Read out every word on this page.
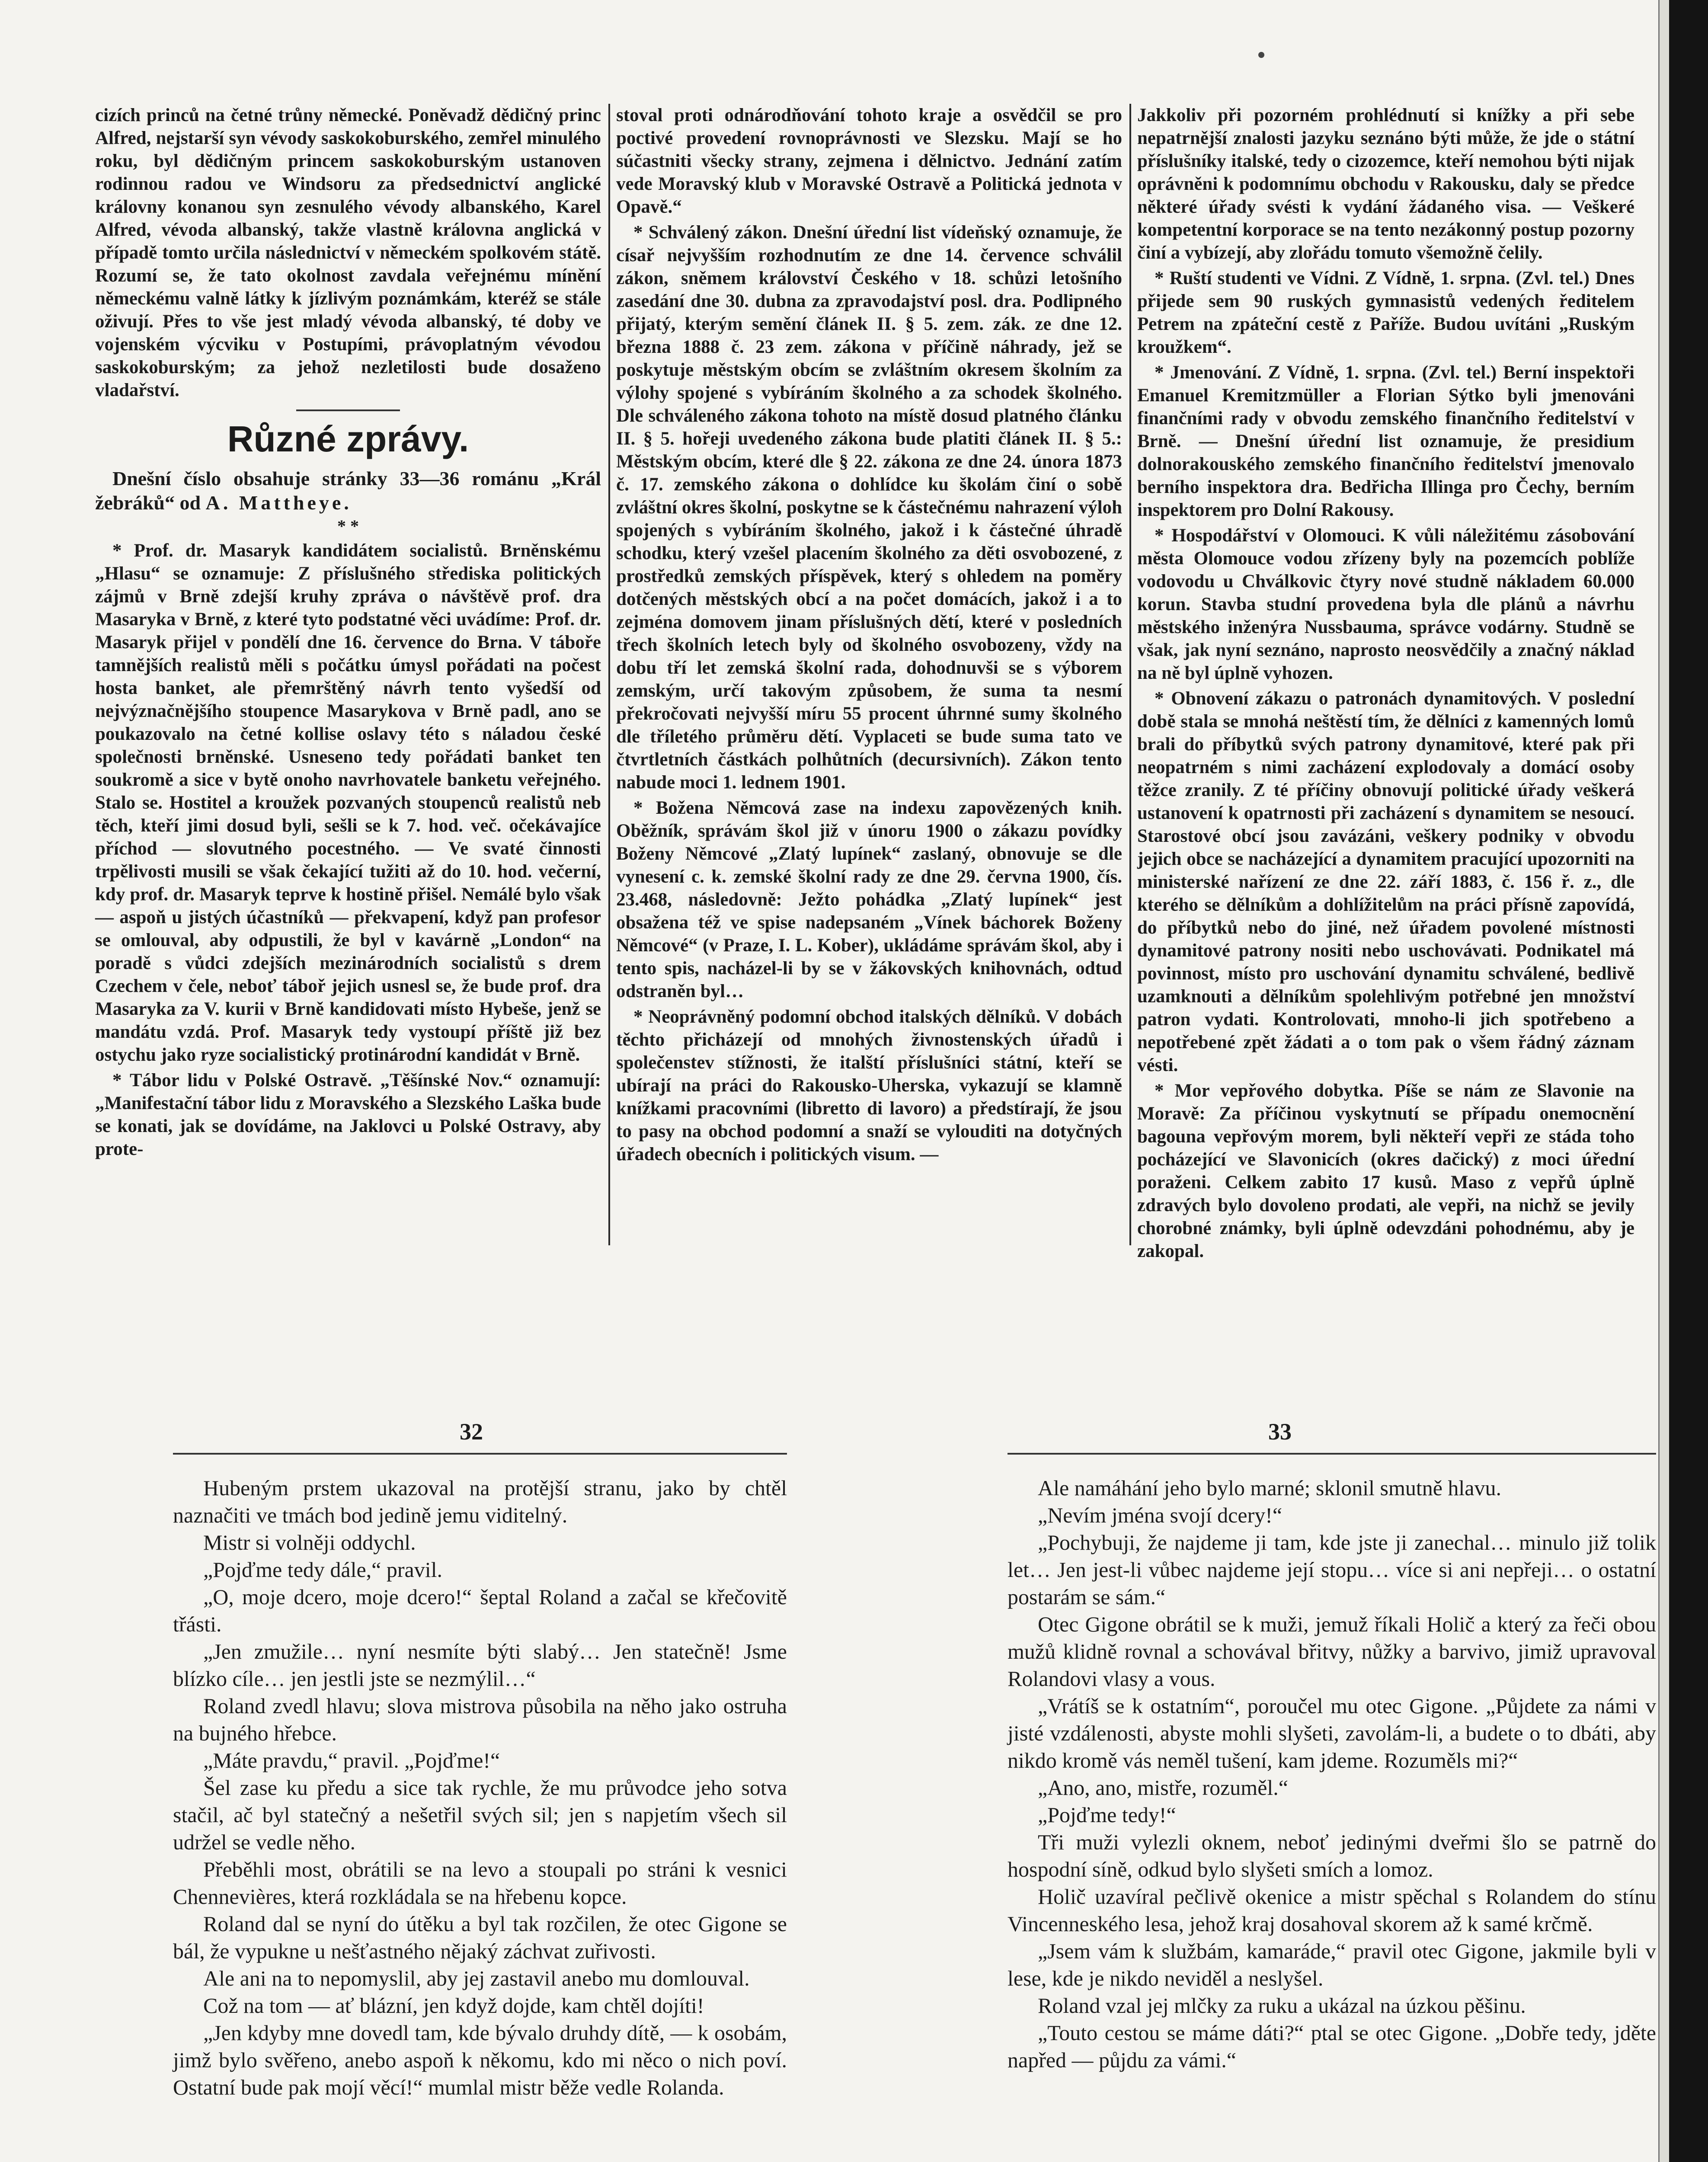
cizích princů na četné trůny německé. Poněvadž dědičný princ Alfred, nejstarší syn vévody saskokoburského, zemřel minulého roku, byl dědičným princem saskokoburským ustanoven rodinnou radou ve Windsoru za předsednictví anglické královny konanou syn zesnulého vévody albanského, Karel Alfred, vévoda albanský, takže vlastně královna anglická v případě tomto určila následnictví v německém spolkovém státě. Rozumí se, že tato okolnost zavdala veřejnému mínění německému valně látky k jízlivým poznámkám, kteréž se stále oživují. Přes to vše jest mladý vévoda albanský, té doby ve vojenském výcviku v Postupími, právoplatným vévodou saskokoburským; za jehož nezletilosti bude dosaženo vladařství.

Různé zprávy.
Dnešní číslo obsahuje stránky 33—36 románu „Král žebráků“ od A. Mattheye.
* *

* Prof. dr. Masaryk kandidátem socialistů. Brněnskému „Hlasu“ se oznamuje: Z příslušného střediska politických zájmů v Brně zdejší kruhy zpráva o návštěvě prof. dra Masaryka v Brně, z které tyto podstatné věci uvádíme: Prof. dr. Masaryk přijel v pondělí dne 16. července do Brna. V táboře tamnějších realistů měli s počátku úmysl pořádati na počest hosta banket, ale přemrštěný návrh tento vyšedší od nejvýznačnějšího stoupence Masarykova v Brně padl, ano se poukazovalo na četné kollise oslavy této s náladou české společnosti brněnské. Usneseno tedy pořádati banket ten soukromě a sice v bytě onoho navrhovatele banketu veřejného. Stalo se. Hostitel a kroužek pozvaných stoupenců realistů neb těch, kteří jimi dosud byli, sešli se k 7. hod. več. očekávajíce příchod — slovutného pocestného. — Ve svaté činnosti trpělivosti musili se však čekající tužiti až do 10. hod. večerní, kdy prof. dr. Masaryk teprve k hostině přišel. Nemálé bylo však — aspoň u jistých účastníků — překvapení, když pan profesor se omlouval, aby odpustili, že byl v kavárně „London“ na poradě s vůdci zdejších mezinárodních socialistů s drem Czechem v čele, neboť táboř jejich usnesl se, že bude prof. dra Masaryka za V. kurii v Brně kandidovati místo Hybeše, jenž se mandátu vzdá. Prof. Masaryk tedy vystoupí příště již bez ostychu jako ryze socialistický protinárodní kandidát v Brně.

* Tábor lidu v Polské Ostravě. „Těšínské Nov.“ oznamují: „Manifestační tábor lidu z Moravského a Slezského Laška bude se konati, jak se dovídáme, na Jaklovci u Polské Ostravy, aby prote-

stoval proti odnárodňování tohoto kraje a osvědčil se pro poctivé provedení rovnoprávnosti ve Slezsku. Mají se ho súčastniti všecky strany, zejmena i dělnictvo. Jednání zatím vede Moravský klub v Moravské Ostravě a Politická jednota v Opavě.“

* Schválený zákon. Dnešní úřední list vídeňský oznamuje, že císař nejvyšším rozhodnutím ze dne 14. července schválil zákon, sněmem království Českého v 18. schůzi letošního zasedání dne 30. dubna za zpravodajství posl. dra. Podlipného přijatý, kterým semění článek II. § 5. zem. zák. ze dne 12. března 1888 č. 23 zem. zákona v příčině náhrady, jež se poskytuje městským obcím se zvláštním okresem školním za výlohy spojené s vybíráním školného a za schodek školného. Dle schváleného zákona tohoto na místě dosud platného článku II. § 5. hořeji uvedeného zákona bude platiti článek II. § 5.: Městským obcím, které dle § 22. zákona ze dne 24. února 1873 č. 17. zemského zákona o dohlídce ku školám činí o sobě zvláštní okres školní, poskytne se k částečnému nahrazení výloh spojených s vybíráním školného, jakož i k částečné úhradě schodku, který vzešel placením školného za děti osvobozené, z prostředků zemských příspěvek, který s ohledem na poměry dotčených městských obcí a na počet domácích, jakož i a to zejména domovem jinam příslušných dětí, které v posledních třech školních letech byly od školného osvobozeny, vždy na dobu tří let zemská školní rada, dohodnuvši se s výborem zemským, určí takovým způsobem, že suma ta nesmí překročovati nejvyšší míru 55 procent úhrnné sumy školného dle tříletého průměru dětí. Vyplaceti se bude suma tato ve čtvrtletních částkách polhůtních (decursivních). Zákon tento nabude moci 1. lednem 1901.

* Božena Němcová zase na indexu zapovězených knih. Oběžník, správám škol již v únoru 1900 o zákazu povídky Boženy Němcové „Zlatý lupínek“ zaslaný, obnovuje se dle vynesení c. k. zemské školní rady ze dne 29. června 1900, čís. 23.468, následovně: Ježto pohádka „Zlatý lupínek“ jest obsažena též ve spise nadepsaném „Vínek báchorek Boženy Němcové“ (v Praze, I. L. Kober), ukládáme správám škol, aby i tento spis, nacházel-li by se v žákovských knihovnách, odtud odstraněn byl…

* Neoprávněný podomní obchod italských dělníků. V dobách těchto přicházejí od mnohých živnostenských úřadů i společenstev stížnosti, že italští příslušníci státní, kteří se ubírají na práci do Rakousko-Uherska, vykazují se klamně knížkami pracovními (libretto di lavoro) a předstírají, že jsou to pasy na obchod podomní a snaží se vylouditi na dotyčných úřadech obecních i politických visum. —

Jakkoliv při pozorném prohlédnutí si knížky a při sebe nepatrnější znalosti jazyku seznáno býti může, že jde o státní příslušníky italské, tedy o cizozemce, kteří nemohou býti nijak oprávněni k podomnímu obchodu v Rakousku, daly se předce některé úřady svésti k vydání žádaného visa. — Veškeré kompetentní korporace se na tento nezákonný postup pozorny činí a vybízejí, aby zlořádu tomuto všemožně čelily.

* Ruští studenti ve Vídni. Z Vídně, 1. srpna. (Zvl. tel.) Dnes přijede sem 90 ruských gymnasistů vedených ředitelem Petrem na zpáteční cestě z Paříže. Budou uvítáni „Ruským kroužkem“.

* Jmenování. Z Vídně, 1. srpna. (Zvl. tel.) Berní inspektoři Emanuel Kremitzmüller a Florian Sýtko byli jmenováni finančními rady v obvodu zemského finančního ředitelství v Brně. — Dnešní úřední list oznamuje, že presidium dolnorakouského zemského finančního ředitelství jmenovalo berního inspektora dra. Bedřicha Illinga pro Čechy, berním inspektorem pro Dolní Rakousy.

* Hospodářství v Olomouci. K vůli náležitému zásobování města Olomouce vodou zřízeny byly na pozemcích poblíže vodovodu u Chválkovic čtyry nové studně nákladem 60.000 korun. Stavba studní provedena byla dle plánů a návrhu městského inženýra Nussbauma, správce vodárny. Studně se však, jak nyní seznáno, naprosto neosvědčily a značný náklad na ně byl úplně vyhozen.

* Obnovení zákazu o patronách dynamitových. V poslední době stala se mnohá neštěstí tím, že dělníci z kamenných lomů brali do příbytků svých patrony dynamitové, které pak při neopatrném s nimi zacházení explodovaly a domácí osoby těžce zranily. Z té příčiny obnovují politické úřady veškerá ustanovení k opatrnosti při zacházení s dynamitem se nesoucí. Starostové obcí jsou zavázáni, veškery podniky v obvodu jejich obce se nacházející a dynamitem pracující upozorniti na ministerské nařízení ze dne 22. září 1883, č. 156 ř. z., dle kterého se dělníkům a dohlížitelům na práci přísně zapovídá, do příbytků nebo do jiné, než úřadem povolené místnosti dynamitové patrony nositi nebo uschovávati. Podnikatel má povinnost, místo pro uschování dynamitu schválené, bedlivě uzamknouti a dělníkům spolehlivým potřebné jen množství patron vydati. Kontrolovati, mnoho-li jich spotřebeno a nepotřebené zpět žádati a o tom pak o všem řádný záznam vésti.

* Mor vepřového dobytka. Píše se nám ze Slavonie na Moravě: Za příčinou vyskytnutí se případu onemocnění bagouna vepřovým morem, byli někteří vepři ze stáda toho pocházející ve Slavonicích (okres dačický) z moci úřední poraženi. Celkem zabito 17 kusů. Maso z vepřů úplně zdravých bylo dovoleno prodati, ale vepři, na nichž se jevily chorobné známky, byli úplně odevzdáni pohodnému, aby je zakopal.

32	33

Hubeným prstem ukazoval na protější stranu, jako by chtěl naznačiti ve tmách bod jedině jemu viditelný.

Mistr si volněji oddychl.

„Pojďme tedy dále,“ pravil.

„O, moje dcero, moje dcero!“ šeptal Roland a začal se křečovitě třásti.

„Jen zmužile… nyní nesmíte býti slabý… Jen statečně! Jsme blízko cíle… jen jestli jste se nezmýlil…“

Roland zvedl hlavu; slova mistrova působila na něho jako ostruha na bujného hřebce.

„Máte pravdu,“ pravil. „Pojďme!“

Šel zase ku předu a sice tak rychle, že mu průvodce jeho sotva stačil, ač byl statečný a nešetřil svých sil; jen s napjetím všech sil udržel se vedle něho.

Přeběhli most, obrátili se na levo a stoupali po stráni k vesnici Chennevières, která rozkládala se na hřebenu kopce.

Roland dal se nyní do útěku a byl tak rozčilen, že otec Gigone se bál, že vypukne u nešťastného nějaký záchvat zuřivosti.

Ale ani na to nepomyslil, aby jej zastavil anebo mu domlouval.

Což na tom — ať blázní, jen když dojde, kam chtěl dojíti!

„Jen kdyby mne dovedl tam, kde bývalo druhdy dítě, — k osobám, jimž bylo svěřeno, anebo aspoň k někomu, kdo mi něco o nich poví. Ostatní bude pak mojí věcí!“ mumlal mistr běže vedle Rolanda.

Ale namáhání jeho bylo marné; sklonil smutně hlavu.

„Nevím jména svojí dcery!“

„Pochybuji, že najdeme ji tam, kde jste ji zanechal… minulo již tolik let… Jen jest-li vůbec najdeme její stopu… více si ani nepřeji… o ostatní postarám se sám.“

Otec Gigone obrátil se k muži, jemuž říkali Holič a který za řeči obou mužů klidně rovnal a schovával břitvy, nůžky a barvivo, jimiž upravoval Rolandovi vlasy a vous.

„Vrátíš se k ostatním“, poroučel mu otec Gigone. „Půjdete za námi v jisté vzdálenosti, abyste mohli slyšeti, zavolám-li, a budete o to dbáti, aby nikdo kromě vás neměl tušení, kam jdeme. Rozuměls mi?“

„Ano, ano, mistře, rozuměl.“

„Pojďme tedy!“

Tři muži vylezli oknem, neboť jedinými dveřmi šlo se patrně do hospodní síně, odkud bylo slyšeti smích a lomoz.

Holič uzavíral pečlivě okenice a mistr spěchal s Rolandem do stínu Vincenneského lesa, jehož kraj dosahoval skorem až k samé krčmě.

„Jsem vám k službám, kamaráde,“ pravil otec Gigone, jakmile byli v lese, kde je nikdo neviděl a neslyšel.

Roland vzal jej mlčky za ruku a ukázal na úzkou pěšinu.

„Touto cestou se máme dáti?“ ptal se otec Gigone. „Dobře tedy, jděte napřed — půjdu za vámi.“
